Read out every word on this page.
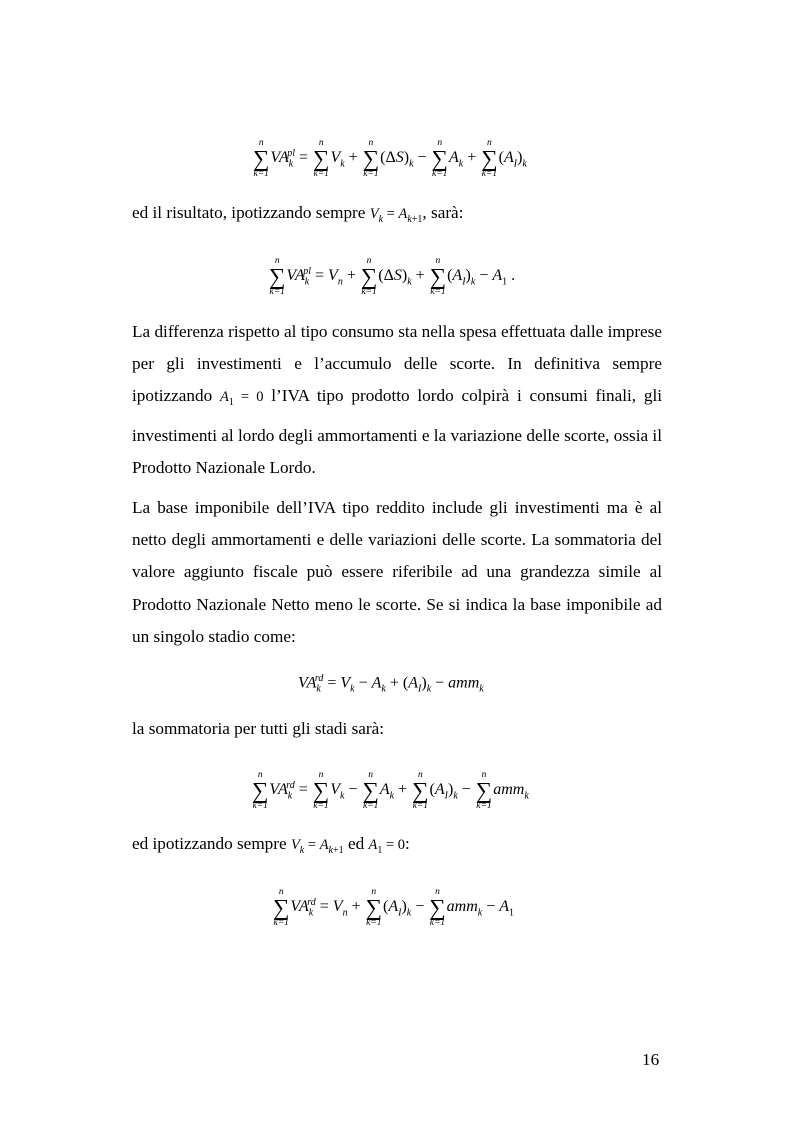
n
∑
k=1
$VA_k^{pl}$ =
n
∑
k=1
$V_k$ +
n
∑
k=1
$(\Delta S)_k$ −
n
∑
k=1
$A_k$ +
n
∑
k=1
$(A_I)_k$

ed il risultato, ipotizzando sempre $V_k = A_{k+1}$, sarà:

n
∑
k=1
$VA_k^{pl} = V_n$ +
n
∑
k=1
$(\Delta S)_k$ +
n
∑
k=1
$(A_I)_k - A_1$ .

La differenza rispetto al tipo consumo sta nella spesa effettuata dalle imprese per gli investimenti e l’accumulo delle scorte. In definitiva sempre ipotizzando $A_1 = 0$ l’IVA tipo prodotto lordo colpirà i consumi finali, gli investimenti al lordo degli ammortamenti e la variazione delle scorte, ossia il Prodotto Nazionale Lordo.

La base imponibile dell’IVA tipo reddito include gli investimenti ma è al netto degli ammortamenti e delle variazioni delle scorte. La sommatoria del valore aggiunto fiscale può essere riferibile ad una grandezza simile al Prodotto Nazionale Netto meno le scorte. Se si indica la base imponibile ad un singolo stadio come:

$VA_k^{rd} = V_k - A_k + (A_I)_k - amm_k$

la sommatoria per tutti gli stadi sarà:

n
∑
k=1
$VA_k^{rd}$ =
n
∑
k=1
$V_k$ −
n
∑
k=1
$A_k$ +
n
∑
k=1
$(A_I)_k$ −
n
∑
k=1
amm$_k$

ed ipotizzando sempre $V_k = A_{k+1}$ ed $A_1 = 0$:

n
∑
k=1
$VA_k^{rd} = V_n$ +
n
∑
k=1
$(A_I)_k$ −
n
∑
k=1
$amm_k - A_1$
16
